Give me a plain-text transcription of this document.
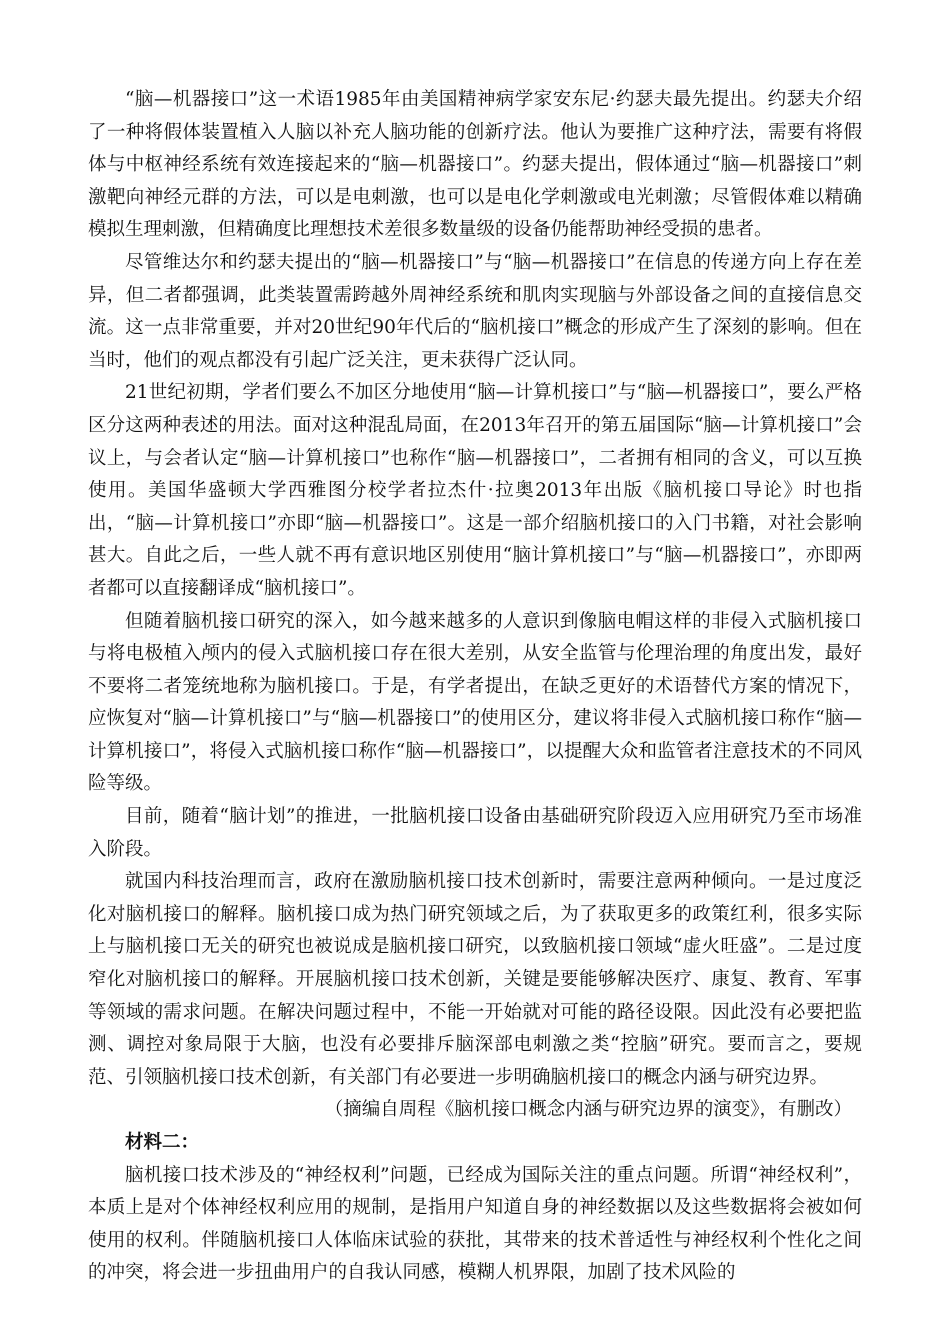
“脑—机器接口”这一术语1985年由美国精神病学家安东尼·约瑟夫最先提出。约瑟夫介绍了一种将假体装置植入人脑以补充人脑功能的创新疗法。他认为要推广这种疗法，需要有将假体与中枢神经系统有效连接起来的“脑—机器接口”。约瑟夫提出，假体通过“脑—机器接口”刺激靶向神经元群的方法，可以是电刺激，也可以是电化学刺激或电光刺激；尽管假体难以精确模拟生理刺激，但精确度比理想技术差很多数量级的设备仍能帮助神经受损的患者。

尽管维达尔和约瑟夫提出的“脑—机器接口”与“脑—机器接口”在信息的传递方向上存在差异，但二者都强调，此类装置需跨越外周神经系统和肌肉实现脑与外部设备之间的直接信息交流。这一点非常重要，并对20世纪90年代后的“脑机接口”概念的形成产生了深刻的影响。但在当时，他们的观点都没有引起广泛关注，更未获得广泛认同。

21世纪初期，学者们要么不加区分地使用“脑—计算机接口”与“脑—机器接口”，要么严格区分这两种表述的用法。面对这种混乱局面，在2013年召开的第五届国际“脑—计算机接口”会议上，与会者认定“脑—计算机接口”也称作“脑—机器接口”，二者拥有相同的含义，可以互换使用。美国华盛顿大学西雅图分校学者拉杰什·拉奥2013年出版《脑机接口导论》时也指出，“脑—计算机接口”亦即“脑—机器接口”。这是一部介绍脑机接口的入门书籍，对社会影响甚大。自此之后，一些人就不再有意识地区别使用“脑计算机接口”与“脑—机器接口”，亦即两者都可以直接翻译成“脑机接口”。

但随着脑机接口研究的深入，如今越来越多的人意识到像脑电帽这样的非侵入式脑机接口与将电极植入颅内的侵入式脑机接口存在很大差别，从安全监管与伦理治理的角度出发，最好不要将二者笼统地称为脑机接口。于是，有学者提出，在缺乏更好的术语替代方案的情况下，应恢复对“脑—计算机接口”与“脑—机器接口”的使用区分，建议将非侵入式脑机接口称作“脑—计算机接口”，将侵入式脑机接口称作“脑—机器接口”，以提醒大众和监管者注意技术的不同风险等级。

目前，随着“脑计划”的推进，一批脑机接口设备由基础研究阶段迈入应用研究乃至市场准入阶段。

就国内科技治理而言，政府在激励脑机接口技术创新时，需要注意两种倾向。一是过度泛化对脑机接口的解释。脑机接口成为热门研究领域之后，为了获取更多的政策红利，很多实际上与脑机接口无关的研究也被说成是脑机接口研究，以致脑机接口领域“虚火旺盛”。二是过度窄化对脑机接口的解释。开展脑机接口技术创新，关键是要能够解决医疗、康复、教育、军事等领域的需求问题。在解决问题过程中，不能一开始就对可能的路径设限。因此没有必要把监测、调控对象局限于大脑，也没有必要排斥脑深部电刺激之类“控脑”研究。要而言之，要规范、引领脑机接口技术创新，有关部门有必要进一步明确脑机接口的概念内涵与研究边界。

（摘编自周程《脑机接口概念内涵与研究边界的演变》，有删改）

材料二：

脑机接口技术涉及的“神经权利”问题，已经成为国际关注的重点问题。所谓“神经权利”，本质上是对个体神经权利应用的规制，是指用户知道自身的神经数据以及这些数据将会被如何使用的权利。伴随脑机接口人体临床试验的获批，其带来的技术普适性与神经权利个性化之间的冲突，将会进一步扭曲用户的自我认同感，模糊人机界限，加剧了技术风险的
